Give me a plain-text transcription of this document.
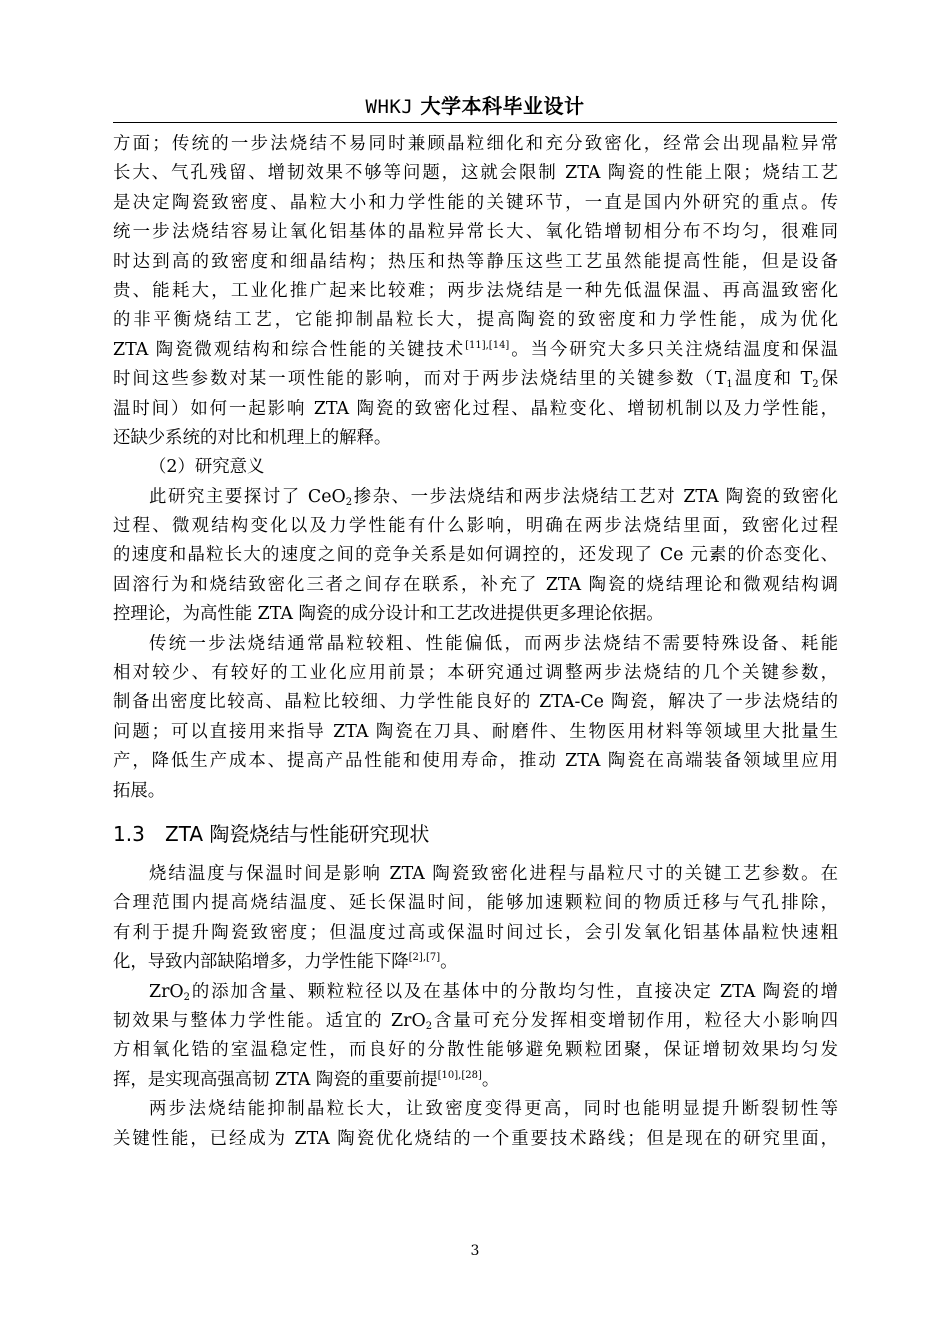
WHKJ 大学本科毕业设计
方面；传统的一步法烧结不易同时兼顾晶粒细化和充分致密化，经常会出现晶粒异常
长大、气孔残留、增韧效果不够等问题，这就会限制 ZTA 陶瓷的性能上限；烧结工艺
是决定陶瓷致密度、晶粒大小和力学性能的关键环节，一直是国内外研究的重点。传
统一步法烧结容易让氧化铝基体的晶粒异常长大、氧化锆增韧相分布不均匀，很难同
时达到高的致密度和细晶结构；热压和热等静压这些工艺虽然能提高性能，但是设备
贵、能耗大，工业化推广起来比较难；两步法烧结是一种先低温保温、再高温致密化
的非平衡烧结工艺，它能抑制晶粒长大，提高陶瓷的致密度和力学性能，成为优化
ZTA 陶瓷微观结构和综合性能的关键技术[11],[14]。当今研究大多只关注烧结温度和保温
时间这些参数对某一项性能的影响，而对于两步法烧结里的关键参数（$T_1$温度和 $T_2$保
温时间）如何一起影响 ZTA 陶瓷的致密化过程、晶粒变化、增韧机制以及力学性能，
还缺少系统的对比和机理上的解释。
（2）研究意义
此研究主要探讨了 CeO$_2$掺杂、一步法烧结和两步法烧结工艺对 ZTA 陶瓷的致密化
过程、微观结构变化以及力学性能有什么影响，明确在两步法烧结里面，致密化过程
的速度和晶粒长大的速度之间的竞争关系是如何调控的，还发现了 Ce 元素的价态变化、
固溶行为和烧结致密化三者之间存在联系，补充了 ZTA 陶瓷的烧结理论和微观结构调
控理论，为高性能 ZTA 陶瓷的成分设计和工艺改进提供更多理论依据。
传统一步法烧结通常晶粒较粗、性能偏低，而两步法烧结不需要特殊设备、耗能
相对较少、有较好的工业化应用前景；本研究通过调整两步法烧结的几个关键参数，
制备出密度比较高、晶粒比较细、力学性能良好的 ZTA-Ce 陶瓷，解决了一步法烧结的
问题；可以直接用来指导 ZTA 陶瓷在刀具、耐磨件、生物医用材料等领域里大批量生
产，降低生产成本、提高产品性能和使用寿命，推动 ZTA 陶瓷在高端装备领域里应用
拓展。
1.3 ZTA 陶瓷烧结与性能研究现状
烧结温度与保温时间是影响 ZTA 陶瓷致密化进程与晶粒尺寸的关键工艺参数。在
合理范围内提高烧结温度、延长保温时间，能够加速颗粒间的物质迁移与气孔排除，
有利于提升陶瓷致密度；但温度过高或保温时间过长，会引发氧化铝基体晶粒快速粗
化，导致内部缺陷增多，力学性能下降[2],[7]。
ZrO$_2$的添加含量、颗粒粒径以及在基体中的分散均匀性，直接决定 ZTA 陶瓷的增
韧效果与整体力学性能。适宜的 ZrO$_2$含量可充分发挥相变增韧作用，粒径大小影响四
方相氧化锆的室温稳定性，而良好的分散性能够避免颗粒团聚，保证增韧效果均匀发
挥，是实现高强高韧 ZTA 陶瓷的重要前提[10],[28]。
两步法烧结能抑制晶粒长大，让致密度变得更高，同时也能明显提升断裂韧性等
关键性能，已经成为 ZTA 陶瓷优化烧结的一个重要技术路线；但是现在的研究里面，
3
